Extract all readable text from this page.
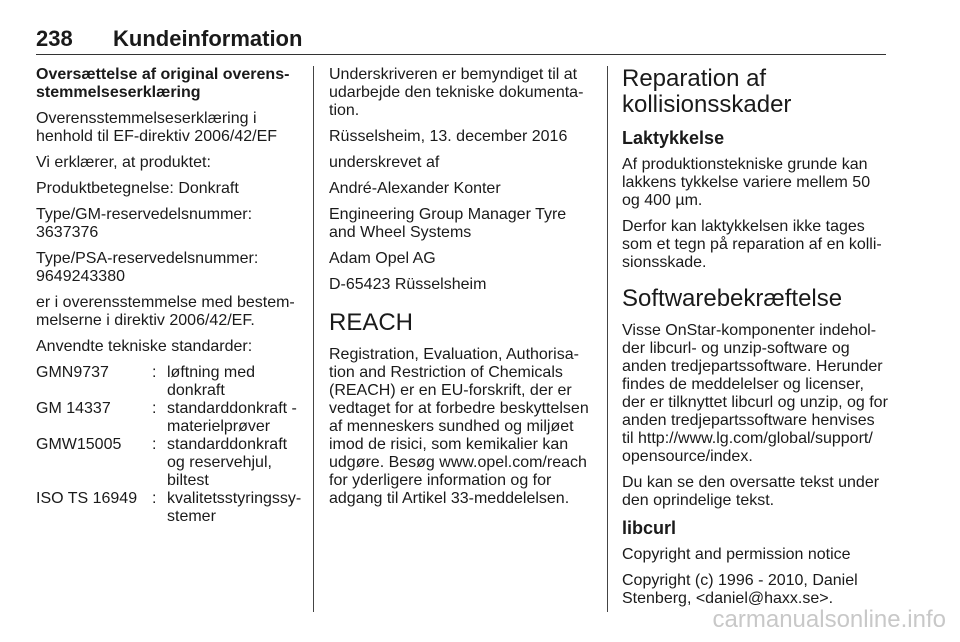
238 Kundeinformation
Oversættelse af original overens-
stemmelseserklæring

Overensstemmelseserklæring i
henhold til EF-direktiv 2006/42/EF

Vi erklærer, at produktet:

Produktbetegnelse: Donkraft

Type/GM-reservedelsnummer:
3637376

Type/PSA-reservedelsnummer:
9649243380

er i overensstemmelse med bestem-
melserne i direktiv 2006/42/EF.

Anvendte tekniske standarder:

GMN9737	: løftning med
donkraft
GM 14337	: standarddonkraft -
materielprøver
GMW15005	: standarddonkraft
og reservehjul,
biltest
ISO TS 16949 : kvalitetsstyringssy-
stemer

Underskriveren er bemyndiget til at
udarbejde den tekniske dokumenta-
tion.

Rüsselsheim, 13. december 2016

underskrevet af

André-Alexander Konter

Engineering Group Manager Tyre
and Wheel Systems

Adam Opel AG

D-65423 Rüsselsheim

REACH

Registration, Evaluation, Authorisa-
tion and Restriction of Chemicals
(REACH) er en EU-forskrift, der er
vedtaget for at forbedre beskyttelsen
af menneskers sundhed og miljøet
imod de risici, som kemikalier kan
udgøre. Besøg www.opel.com/reach
for yderligere information og for
adgang til Artikel 33-meddelelsen.

Reparation af
kollisionsskader
Laktykkelse

Af produktionstekniske grunde kan
lakkens tykkelse variere mellem 50
og 400 µm.

Derfor kan laktykkelsen ikke tages
som et tegn på reparation af en kolli-
sionsskade.

Softwarebekræftelse

Visse OnStar-komponenter indehol-
der libcurl- og unzip-software og
anden tredjepartssoftware. Herunder
findes de meddelelser og licenser,
der er tilknyttet libcurl og unzip, og for
anden tredjepartssoftware henvises
til http://www.lg.com/global/support/
opensource/index.

Du kan se den oversatte tekst under
den oprindelige tekst.

libcurl

Copyright and permission notice

Copyright (c) 1996 - 2010, Daniel
Stenberg, <daniel@haxx.se>.

carmanualsonline.info
